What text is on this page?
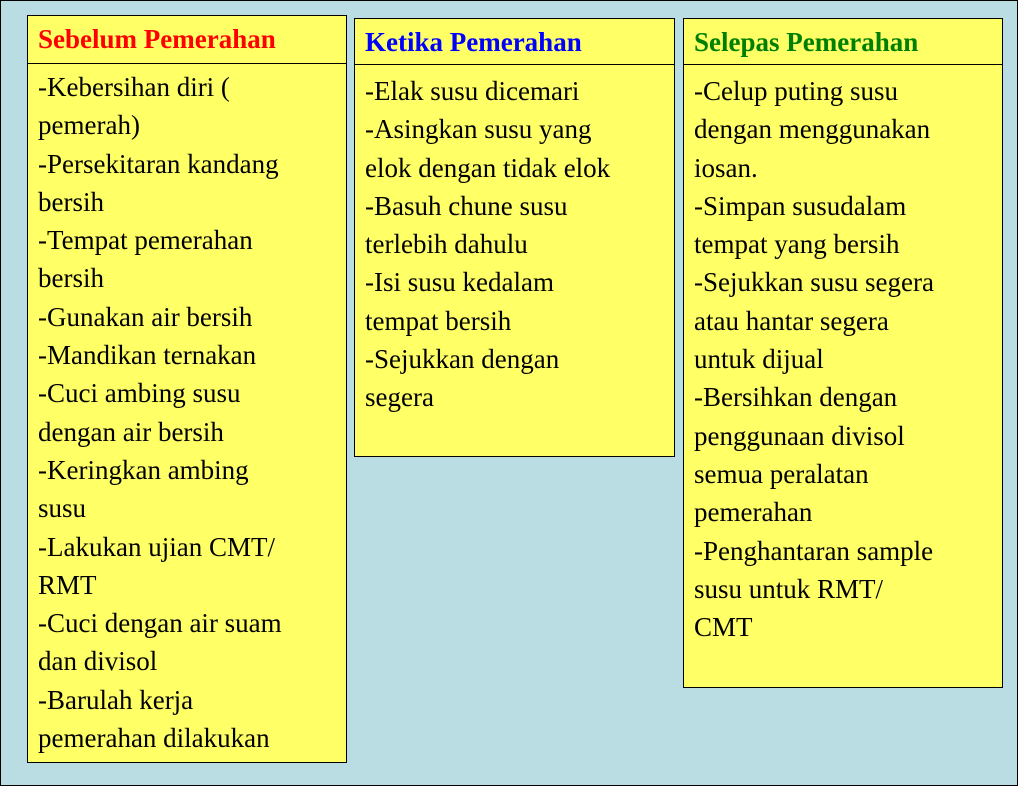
Sebelum Pemerahan
-Kebersihan diri (
pemerah)
-Persekitaran kandang
bersih
-Tempat pemerahan
bersih
-Gunakan air bersih
-Mandikan ternakan
-Cuci ambing susu
dengan air bersih
-Keringkan ambing
susu
-Lakukan ujian CMT/
RMT
-Cuci dengan air suam
dan divisol
-Barulah kerja
pemerahan dilakukan
Ketika Pemerahan
-Elak susu dicemari
-Asingkan susu yang
elok dengan tidak elok
-Basuh chune susu
terlebih dahulu
-Isi susu kedalam
tempat bersih
-Sejukkan dengan
segera
Selepas Pemerahan
-Celup puting susu
dengan menggunakan
iosan.
-Simpan susudalam
tempat yang bersih
-Sejukkan susu segera
atau hantar segera
untuk dijual
-Bersihkan dengan
penggunaan divisol
semua peralatan
pemerahan
-Penghantaran sample
susu untuk RMT/
CMT
